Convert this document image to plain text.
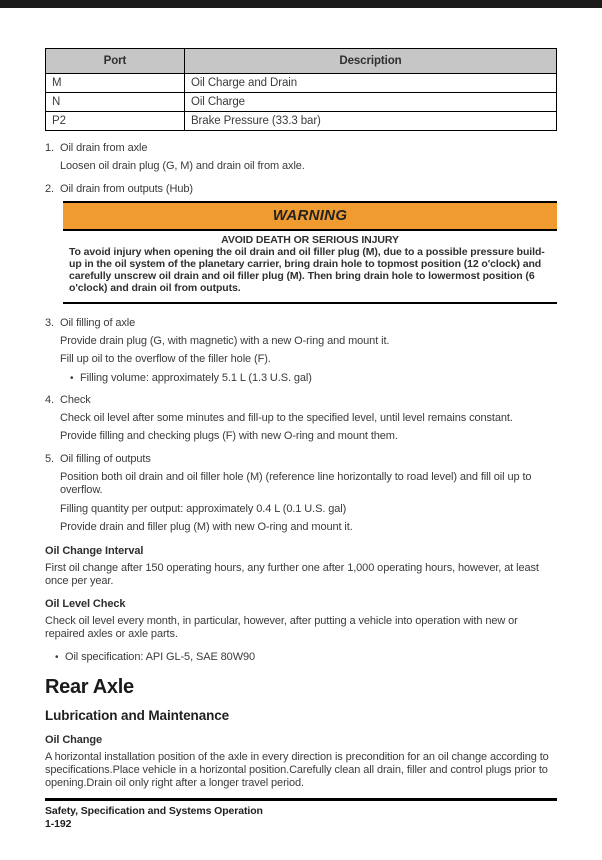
Port	Description
M	Oil Charge and Drain
N	Oil Charge
P2	Brake Pressure (33.3 bar)
1. Oil drain from axle

Loosen oil drain plug (G, M) and drain oil from axle.

2. Oil drain from outputs (Hub)
WARNING

AVOID DEATH OR SERIOUS INJURY

To avoid injury when opening the oil drain and oil filler plug (M), due to a possible pressure build-up in the oil system of the planetary carrier, bring drain hole to topmost position (12 o'clock) and carefully unscrew oil drain and oil filler plug (M). Then bring drain hole to lowermost position (6 o'clock) and drain oil from outputs.

3. Oil filling of axle

Provide drain plug (G, with magnetic) with a new O-ring and mount it.

Fill up oil to the overflow of the filler hole (F).

• Filling volume: approximately 5.1 L (1.3 U.S. gal)
4. Check

Check oil level after some minutes and fill-up to the specified level, until level remains constant.

Provide filling and checking plugs (F) with new O-ring and mount them.

5. Oil filling of outputs

Position both oil drain and oil filler hole (M) (reference line horizontally to road level) and fill oil up to overflow.

Filling quantity per output: approximately 0.4 L (0.1 U.S. gal)

Provide drain and filler plug (M) with new O-ring and mount it.

Oil Change Interval

First oil change after 150 operating hours, any further one after 1,000 operating hours, however, at least once per year.

Oil Level Check

Check oil level every month, in particular, however, after putting a vehicle into operation with new or repaired axles or axle parts.

• Oil specification: API GL-5, SAE 80W90
Rear Axle
Lubrication and Maintenance
Oil Change

A horizontal installation position of the axle in every direction is precondition for an oil change according to specifications.Place vehicle in a horizontal position.Carefully clean all drain, filler and control plugs prior to opening.Drain oil only right after a longer travel period.

Safety, Specification and Systems Operation
1-192
